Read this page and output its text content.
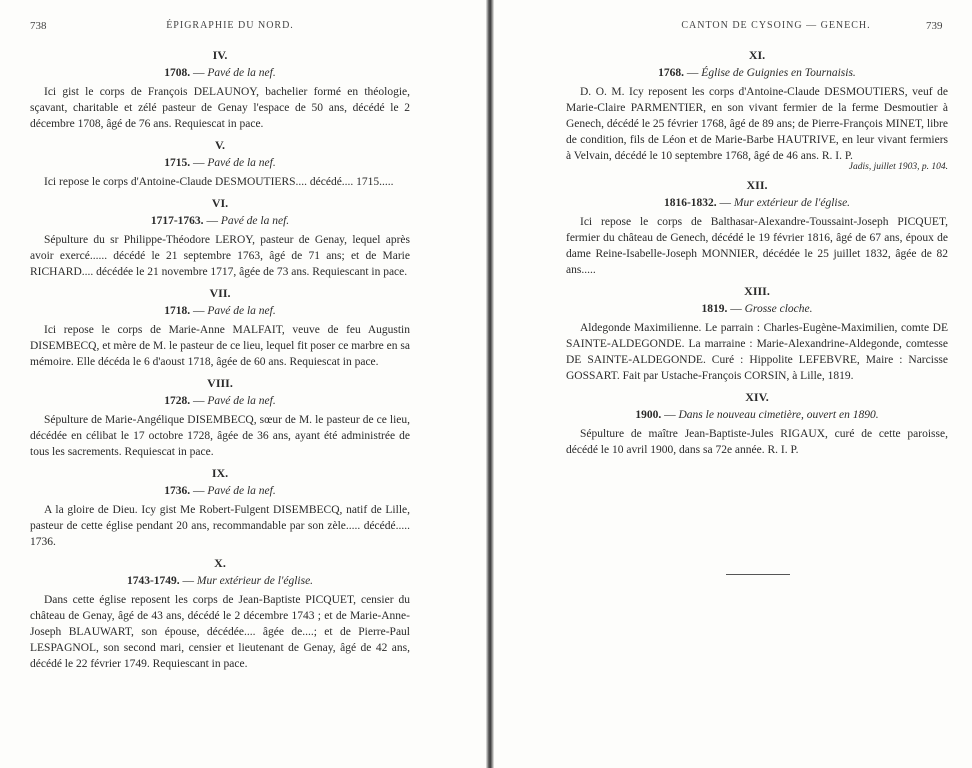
738	ÉPIGRAPHIE DU NORD.

IV.

1708. — Pavé de la nef.

Ici gist le corps de François DELAUNOY, bachelier formé en théologie, sçavant, charitable et zélé pasteur de Genay l'espace de 50 ans, décédé le 2 décembre 1708, âgé de 76 ans. Requiescat in pace.

V.

1715. — Pavé de la nef.

Ici repose le corps d'Antoine-Claude DESMOUTIERS.... décédé.... 1715.....

VI.

1717-1763. — Pavé de la nef.

Sépulture du sr Philippe-Théodore LEROY, pasteur de Genay, lequel après avoir exercé...... décédé le 21 septembre 1763, âgé de 71 ans; et de Marie RICHARD.... décédée le 21 novembre 1717, âgée de 73 ans. Requiescant in pace.

VII.

1718. — Pavé de la nef.

Ici repose le corps de Marie-Anne MALFAIT, veuve de feu Augustin DISEMBECQ, et mère de M. le pasteur de ce lieu, lequel fit poser ce marbre en sa mémoire. Elle décéda le 6 d'aoust 1718, âgée de 60 ans. Requiescat in pace.

VIII.

1728. — Pavé de la nef.

Sépulture de Marie-Angélique DISEMBECQ, sœur de M. le pasteur de ce lieu, décédée en célibat le 17 octobre 1728, âgée de 36 ans, ayant été administrée de tous les sacrements. Requiescat in pace.

IX.

1736. — Pavé de la nef.

A la gloire de Dieu. Icy gist Me Robert-Fulgent DISEMBECQ, natif de Lille, pasteur de cette église pendant 20 ans, recommandable par son zèle..... décédé..... 1736.

X.

1743-1749. — Mur extérieur de l'église.

Dans cette église reposent les corps de Jean-Baptiste PICQUET, censier du château de Genay, âgé de 43 ans, décédé le 2 décembre 1743 ; et de Marie-Anne-Joseph BLAUWART, son épouse, décédée.... âgée de....; et de Pierre-Paul LESPAGNOL, son second mari, censier et lieutenant de Genay, âgé de 42 ans, décédé le 22 février 1749. Requiescant in pace.

CANTON DE CYSOING — GENECH.	739

XI.

1768. — Église de Guignies en Tournaisis.

D. O. M. Icy reposent les corps d'Antoine-Claude DESMOUTIERS, veuf de Marie-Claire PARMENTIER, en son vivant fermier de la ferme Desmoutier à Genech, décédé le 25 février 1768, âgé de 89 ans; de Pierre-François MINET, libre de condition, fils de Léon et de Marie-Barbe HAUTRIVE, en leur vivant fermiers à Velvain, décédé le 10 septembre 1768, âgé de 46 ans. R. I. P.

Jadis, juillet 1903, p. 104.

XII.

1816-1832. — Mur extérieur de l'église.

Ici repose le corps de Balthasar-Alexandre-Toussaint-Joseph PICQUET, fermier du château de Genech, décédé le 19 février 1816, âgé de 67 ans, époux de dame Reine-Isabelle-Joseph MONNIER, décédée le 25 juillet 1832, âgée de 82 ans.....

XIII.

1819. — Grosse cloche.

Aldegonde Maximilienne. Le parrain : Charles-Eugène-Maximilien, comte DE SAINTE-ALDEGONDE. La marraine : Marie-Alexandrine-Aldegonde, comtesse DE SAINTE-ALDEGONDE. Curé : Hippolite LEFEBVRE, Maire : Narcisse GOSSART. Fait par Ustache-François CORSIN, à Lille, 1819.

XIV.

1900. — Dans le nouveau cimetière, ouvert en 1890.

Sépulture de maître Jean-Baptiste-Jules RIGAUX, curé de cette paroisse, décédé le 10 avril 1900, dans sa 72e année. R. I. P.
